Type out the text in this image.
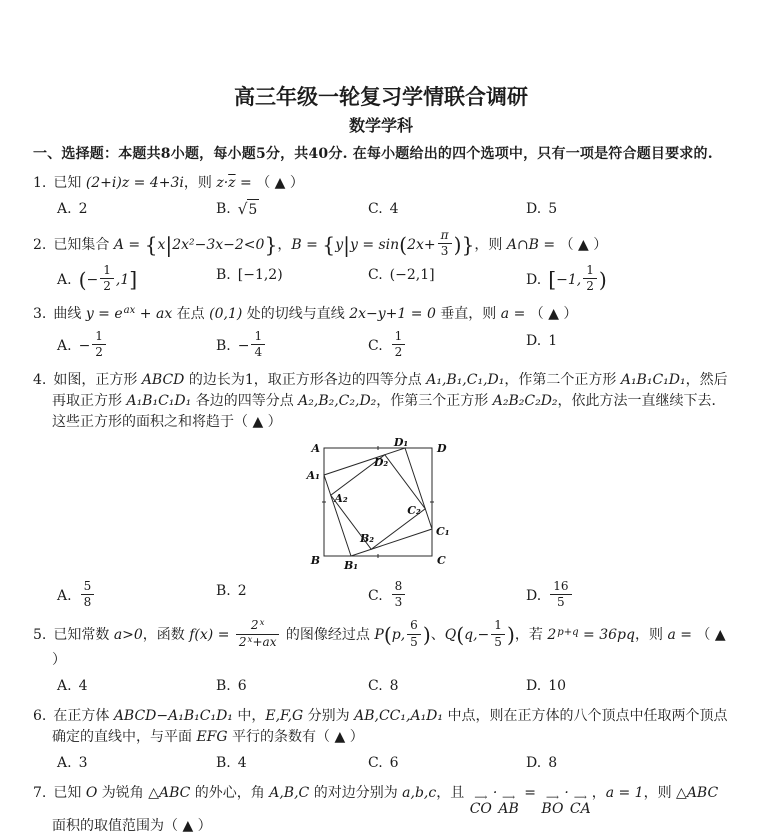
高三年级一轮复习学情联合调研
数学学科
一、选择题：本题共8小题，每小题5分，共40分. 在每小题给出的四个选项中，只有一项是符合题目要求的.
1. 已知 (2+i)z = 4+3i，则 $z\cdot\overline{z}$ = （ ▲ ）
A. 2	B. √ 5	C. 4	D. 5
2. 已知集合 A = {x|2x²−3x−2<0}，$B = \{y|y = \sin(2x+ \frac{\pi}{3}$ )}，则 A∩B = （ ▲ ）
A. (− $\frac{1}{2} ,1$]	B. [−1,2)	C. (−2,1]	D. [−1, $\frac{1}{2}$ )
3. 曲线 $y = e^{ax}$ + ax 在点 (0,1) 处的切线与直线 2x−y+1 = 0 垂直，则 a = （ ▲ ）
A. − $\frac{1}{2}$	B. − $\frac{1}{4}$	C. $\frac{1}{2}$	D. 1
4. 如图，正方形 ABCD 的边长为1，取正方形各边的四等分点 A₁,B₁,C₁,D₁，作第二个正方形 A₁B₁C₁D₁，然后再取正方形 A₁B₁C₁D₁ 各边的四等分点 A₂,B₂,C₂,D₂，作第三个正方形 A₂B₂C₂D₂，依此方法一直继续下去．这些正方形的面积之和将趋于（ ▲ ）
A	D
B	C
A₁
D₁
C₁
B₁
A₂
D₂
C₂
B₂
A. $\frac{5}{8}$	B. 2	C. $\frac{8}{3}$	D. $\frac{16}{5}$
5. 已知常数 a>0，函数 $f(x) = \frac{2^x}{2^x+ax}$ 的图像经过点 P(p, $\frac{6}{5}$ )、$Q(q,- \frac{1}{5}$ )，若 $2^{p+q} = 36pq$，则 a = （ ▲ ）
A. 4	B. 6	C. 8	D. 10
6. 在正方体 ABCD−A₁B₁C₁D₁ 中，E,F,G 分别为 AB,CC₁,A₁D₁ 中点，则在正方体的八个顶点中任取两个顶点确定的直线中，与平面 EFG 平行的条数有（ ▲ ）
A. 3	B. 4	C. 6	D. 8
7. 已知 O 为锐角 △ABC 的外心，角 A,B,C 的对边分别为 a,b,c，且 ⟶
CO
· ⟶
AB
= ⟶
BO
· ⟶
CA
，a = 1，则 △ABC 面积的取值范围为（ ▲ ）
